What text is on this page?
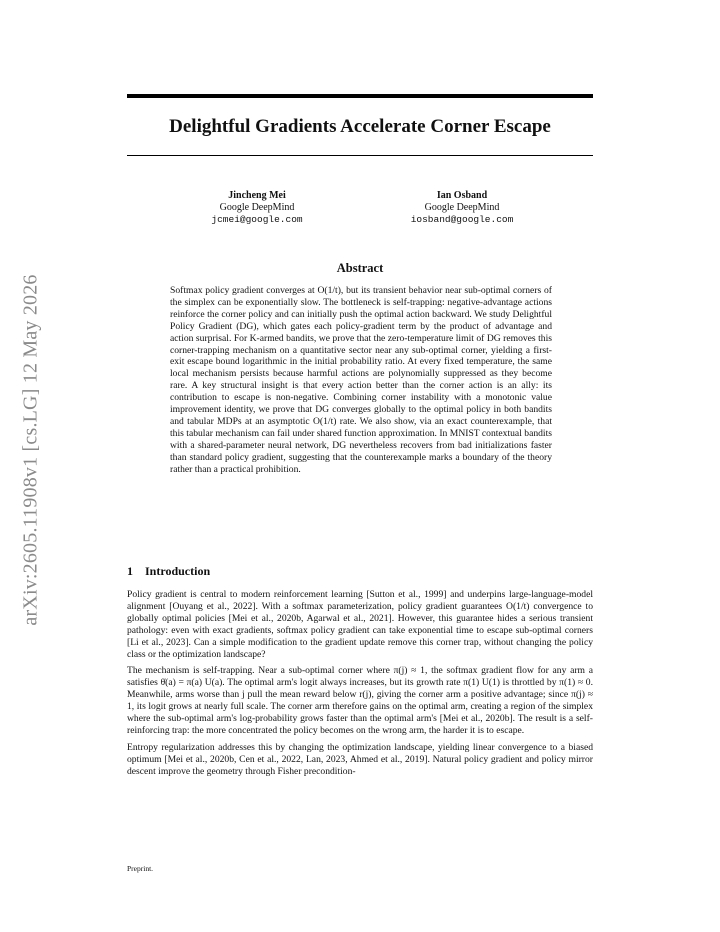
arXiv:2605.11908v1 [cs.LG] 12 May 2026
Delightful Gradients Accelerate Corner Escape
Jincheng Mei
Google DeepMind
jcmei@google.com
Ian Osband
Google DeepMind
iosband@google.com
Abstract

Softmax policy gradient converges at O(1/t), but its transient behavior near sub-optimal corners of the simplex can be exponentially slow. The bottleneck is self-trapping: negative-advantage actions reinforce the corner policy and can initially push the optimal action backward. We study Delightful Policy Gradient (DG), which gates each policy-gradient term by the product of advantage and action surprisal. For K-armed bandits, we prove that the zero-temperature limit of DG removes this corner-trapping mechanism on a quantitative sector near any sub-optimal corner, yielding a first-exit escape bound logarithmic in the initial probability ratio. At every fixed temperature, the same local mechanism persists because harmful actions are polynomially suppressed as they become rare. A key structural insight is that every action better than the corner action is an ally: its contribution to escape is non-negative. Combining corner instability with a monotonic value improvement identity, we prove that DG converges globally to the optimal policy in both bandits and tabular MDPs at an asymptotic O(1/t) rate. We also show, via an exact counterexample, that this tabular mechanism can fail under shared function approximation. In MNIST contextual bandits with a shared-parameter neural network, DG nevertheless recovers from bad initializations faster than standard policy gradient, suggesting that the counterexample marks a boundary of the theory rather than a practical prohibition.

1 Introduction

Policy gradient is central to modern reinforcement learning [Sutton et al., 1999] and underpins large-language-model alignment [Ouyang et al., 2022]. With a softmax parameterization, policy gradient guarantees O(1/t) convergence to globally optimal policies [Mei et al., 2020b, Agarwal et al., 2021]. However, this guarantee hides a serious transient pathology: even with exact gradients, softmax policy gradient can take exponential time to escape sub-optimal corners [Li et al., 2023]. Can a simple modification to the gradient update remove this corner trap, without changing the policy class or the optimization landscape?

The mechanism is self-trapping. Near a sub-optimal corner where π(j) ≈ 1, the softmax gradient flow for any arm a satisfies θ̇(a) = π(a) U(a). The optimal arm's logit always increases, but its growth rate π(1) U(1) is throttled by π(1) ≈ 0. Meanwhile, arms worse than j pull the mean reward below r(j), giving the corner arm a positive advantage; since π(j) ≈ 1, its logit grows at nearly full scale. The corner arm therefore gains on the optimal arm, creating a region of the simplex where the sub-optimal arm's log-probability grows faster than the optimal arm's [Mei et al., 2020b]. The result is a self-reinforcing trap: the more concentrated the policy becomes on the wrong arm, the harder it is to escape.

Entropy regularization addresses this by changing the optimization landscape, yielding linear convergence to a biased optimum [Mei et al., 2020b, Cen et al., 2022, Lan, 2023, Ahmed et al., 2019]. Natural policy gradient and policy mirror descent improve the geometry through Fisher precondition-

Preprint.
